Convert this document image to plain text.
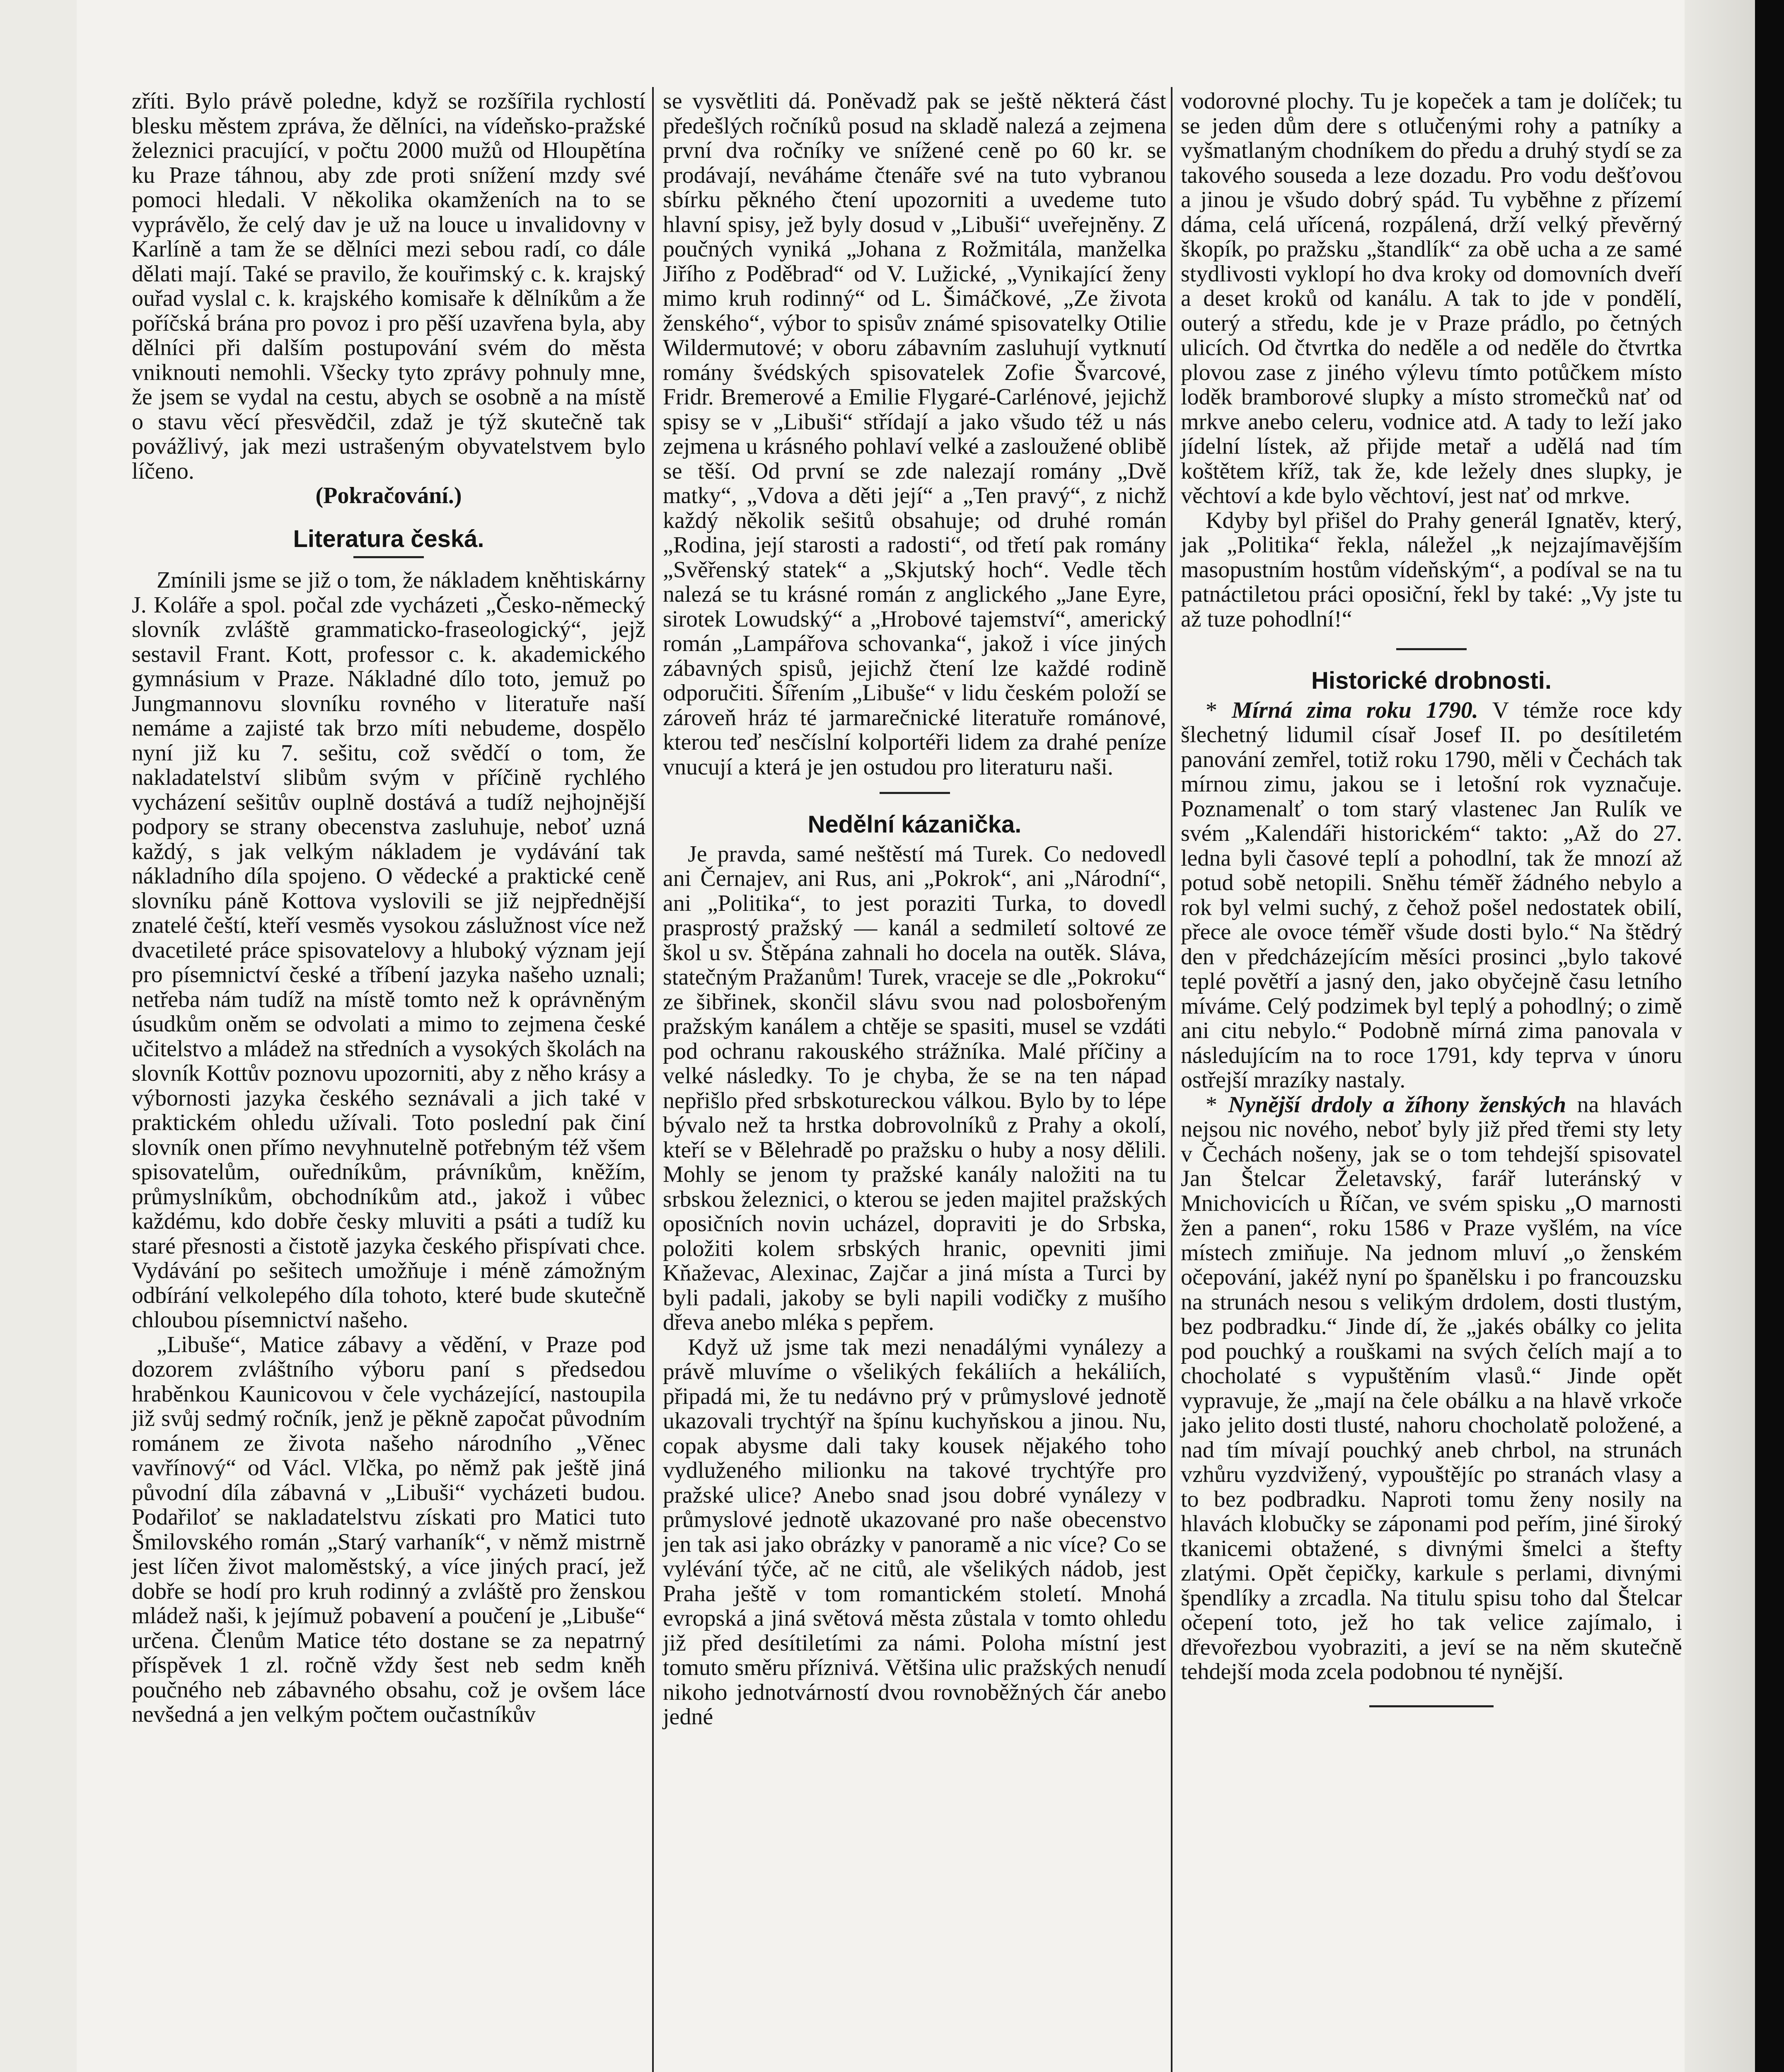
zříti. Bylo právě poledne, když se rozšířila rychlostí blesku městem zpráva, že dělníci, na vídeňsko-pražské železnici pracující, v počtu 2000 mužů od Hloupětína ku Praze táhnou, aby zde proti snížení mzdy své pomoci hledali. V několika okamženích na to se vyprávělo, že celý dav je už na louce u invalidovny v Karlíně a tam že se dělníci mezi sebou radí, co dále dělati mají. Také se pravilo, že kouřimský c. k. krajský ouřad vyslal c. k. krajského komisaře k dělníkům a že poříčská brána pro povoz i pro pěší uzavřena byla, aby dělníci při dalším postupování svém do města vniknouti nemohli. Všecky tyto zprávy pohnuly mne, že jsem se vydal na cestu, abych se osobně a na místě o stavu věcí přesvědčil, zdaž je týž skutečně tak povážlivý, jak mezi ustrašeným obyvatelstvem bylo líčeno.

(Pokračování.)

Literatura česká.

Zmínili jsme se již o tom, že nákladem kněhtiskárny J. Koláře a spol. počal zde vycházeti „Česko-německý slovník zvláště grammaticko-fraseologický“, jejž sestavil Frant. Kott, professor c. k. akademického gymnásium v Praze. Nákladné dílo toto, jemuž po Jungmannovu slovníku rovného v literatuře naší nemáme a zajisté tak brzo míti nebudeme, dospělo nyní již ku 7. sešitu, což svědčí o tom, že nakladatelství slibům svým v příčině rychlého vycházení sešitův ouplně dostává a tudíž nejhojnější podpory se strany obecenstva zasluhuje, neboť uzná každý, s jak velkým nákladem je vydávání tak nákladního díla spojeno. O vědecké a praktické ceně slovníku páně Kottova vyslovili se již nejpřednější znatelé čeští, kteří vesměs vysokou záslužnost více než dvacetileté práce spisovatelovy a hluboký význam její pro písemnictví české a tříbení jazyka našeho uznali; netřeba nám tudíž na místě tomto než k oprávněným úsudkům oněm se odvolati a mimo to zejmena české učitelstvo a mládež na středních a vysokých školách na slovník Kottův poznovu upozorniti, aby z něho krásy a výbornosti jazyka českého seznávali a jich také v praktickém ohledu užívali. Toto poslední pak činí slovník onen přímo nevyhnutelně potřebným též všem spisovatelům, ouředníkům, právníkům, kněžím, průmyslníkům, obchodníkům atd., jakož i vůbec každému, kdo dobře česky mluviti a psáti a tudíž ku staré přesnosti a čistotě jazyka českého přispívati chce. Vydávání po sešitech umožňuje i méně zámožným odbírání velkolepého díla tohoto, které bude skutečně chloubou písemnictví našeho.

„Libuše“, Matice zábavy a vědění, v Praze pod dozorem zvláštního výboru paní s předsedou hraběnkou Kaunicovou v čele vycházející, nastoupila již svůj sedmý ročník, jenž je pěkně započat původním románem ze života našeho národního „Věnec vavřínový“ od Václ. Vlčka, po němž pak ještě jiná původní díla zábavná v „Libuši“ vycházeti budou. Podařiloť se nakladatelstvu získati pro Matici tuto Šmilovského román „Starý varhaník“, v němž mistrně jest líčen život maloměstský, a více jiných prací, jež dobře se hodí pro kruh rodinný a zvláště pro ženskou mládež naši, k jejímuž pobavení a poučení je „Libuše“ určena. Členům Matice této dostane se za nepatrný příspěvek 1 zl. ročně vždy šest neb sedm kněh poučného neb zábavného obsahu, což je ovšem láce nevšedná a jen velkým počtem oučastníkův

se vysvětliti dá. Poněvadž pak se ještě některá část předešlých ročníků posud na skladě nalezá a zejmena první dva ročníky ve snížené ceně po 60 kr. se prodávají, neváháme čtenáře své na tuto vybranou sbírku pěkného čtení upozorniti a uvedeme tuto hlavní spisy, jež byly dosud v „Libuši“ uveřejněny. Z poučných vyniká „Johana z Rožmitála, manželka Jiřího z Poděbrad“ od V. Lužické, „Vynikající ženy mimo kruh rodinný“ od L. Šimáčkové, „Ze života ženského“, výbor to spisův známé spisovatelky Otilie Wildermutové; v oboru zábavním zasluhují vytknutí romány švédských spisovatelek Zofie Švarcové, Fridr. Bremerové a Emilie Flygaré-Carlénové, jejichž spisy se v „Libuši“ střídají a jako všudo též u nás zejmena u krásného pohlaví velké a zasloužené oblibě se těší. Od první se zde nalezají romány „Dvě matky“, „Vdova a děti její“ a „Ten pravý“, z nichž každý několik sešitů obsahuje; od druhé román „Rodina, její starosti a radosti“, od třetí pak romány „Svěřenský statek“ a „Skjutský hoch“. Vedle těch nalezá se tu krásné román z anglického „Jane Eyre, sirotek Lowudský“ a „Hrobové tajemství“, americký román „Lampářova schovanka“, jakož i více jiných zábavných spisů, jejichž čtení lze každé rodině odporučiti. Šířením „Libuše“ v lidu českém položí se zároveň hráz té jarmarečnické literatuře románové, kterou teď nesčíslní kolportéři lidem za drahé peníze vnucují a která je jen ostudou pro literaturu naši.

Nedělní kázanička.

Je pravda, samé neštěstí má Turek. Co nedovedl ani Černajev, ani Rus, ani „Pokrok“, ani „Národní“, ani „Politika“, to jest poraziti Turka, to dovedl prasprostý pražský — kanál a sedmiletí soltové ze škol u sv. Štěpána zahnali ho docela na outěk. Sláva, statečným Pražanům! Turek, vraceje se dle „Pokroku“ ze šibřinek, skončil slávu svou nad polosbořeným pražským kanálem a chtěje se spasiti, musel se vzdáti pod ochranu rakouského strážníka. Malé příčiny a velké následky. To je chyba, že se na ten nápad nepřišlo před srbskotureckou válkou. Bylo by to lépe bývalo než ta hrstka dobrovolníků z Prahy a okolí, kteří se v Bělehradě po pražsku o huby a nosy dělili. Mohly se jenom ty pražské kanály naložiti na tu srbskou železnici, o kterou se jeden majitel pražských oposičních novin ucházel, dopraviti je do Srbska, položiti kolem srbských hranic, opevniti jimi Kňaževac, Alexinac, Zajčar a jiná místa a Turci by byli padali, jakoby se byli napili vodičky z mušího dřeva anebo mléka s pepřem.

Když už jsme tak mezi nenadálými vynálezy a právě mluvíme o všelikých fekáliích a hekáliích, připadá mi, že tu nedávno prý v průmyslové jednotě ukazovali trychtýř na špínu kuchyňskou a jinou. Nu, copak abysme dali taky kousek nějakého toho vydluženého milionku na takové trychtýře pro pražské ulice? Anebo snad jsou dobré vynálezy v průmyslové jednotě ukazované pro naše obecenstvo jen tak asi jako obrázky v panoramě a nic více? Co se vylévání týče, ač ne citů, ale všelikých nádob, jest Praha ještě v tom romantickém století. Mnohá evropská a jiná světová města zůstala v tomto ohledu již před desítiletími za námi. Poloha místní jest tomuto směru příznivá. Většina ulic pražských nenudí nikoho jednotvárností dvou rovnoběžných čár anebo jedné

vodorovné plochy. Tu je kopeček a tam je dolíček; tu se jeden dům dere s otlučenými rohy a patníky a vyšmatlaným chodníkem do předu a druhý stydí se za takového souseda a leze dozadu. Pro vodu dešťovou a jinou je všudo dobrý spád. Tu vyběhne z přízemí dáma, celá uřícená, rozpálená, drží velký převěrný škopík, po pražsku „štandlík“ za obě ucha a ze samé stydlivosti vyklopí ho dva kroky od domovních dveří a deset kroků od kanálu. A tak to jde v pondělí, outerý a středu, kde je v Praze prádlo, po četných ulicích. Od čtvrtka do neděle a od neděle do čtvrtka plovou zase z jiného výlevu tímto potůčkem místo loděk bramborové slupky a místo stromečků nať od mrkve anebo celeru, vodnice atd. A tady to leží jako jídelní lístek, až přijde metař a udělá nad tím koštětem kříž, tak že, kde ležely dnes slupky, je věchtoví a kde bylo věchtoví, jest nať od mrkve.

Kdyby byl přišel do Prahy generál Ignatěv, který, jak „Politika“ řekla, náležel „k nejzajímavějším masopustním hostům vídeňským“, a podíval se na tu patnáctiletou práci oposiční, řekl by také: „Vy jste tu až tuze pohodlní!“

Historické drobnosti.

* Mírná zima roku 1790. V témže roce kdy šlechetný lidumil císař Josef II. po desítiletém panování zemřel, totiž roku 1790, měli v Čechách tak mírnou zimu, jakou se i letošní rok vyznačuje. Poznamenalť o tom starý vlastenec Jan Rulík ve svém „Kalendáři historickém“ takto: „Až do 27. ledna byli časové teplí a pohodlní, tak že mnozí až potud sobě netopili. Sněhu téměř žádného nebylo a rok byl velmi suchý, z čehož pošel nedostatek obilí, přece ale ovoce téměř všude dosti bylo.“ Na štědrý den v předcházejícím měsíci prosinci „bylo takové teplé povětří a jasný den, jako obyčejně času letního míváme. Celý podzimek byl teplý a pohodlný; o zimě ani citu nebylo.“ Podobně mírná zima panovala v následujícím na to roce 1791, kdy teprva v únoru ostřejší mrazíky nastaly.

* Nynější drdoly a žíhony ženských na hlavách nejsou nic nového, neboť byly již před třemi sty lety v Čechách nošeny, jak se o tom tehdejší spisovatel Jan Štelcar Želetavský, farář luteránský v Mnichovicích u Říčan, ve svém spisku „O marnosti žen a panen“, roku 1586 v Praze vyšlém, na více místech zmiňuje. Na jednom mluví „o ženském očepování, jakéž nyní po španělsku i po francouzsku na strunách nesou s velikým drdolem, dosti tlustým, bez podbradku.“ Jinde dí, že „jakés obálky co jelita pod pouchký a rouškami na svých čelích mají a to chocholaté s vypuštěním vlasů.“ Jinde opět vypravuje, že „mají na čele obálku a na hlavě vrkoče jako jelito dosti tlusté, nahoru chocholatě položené, a nad tím mívají pouchký aneb chrbol, na strunách vzhůru vyzdvižený, vypouštějíc po stranách vlasy a to bez podbradku. Naproti tomu ženy nosily na hlavách klobučky se záponami pod peřím, jiné široký tkanicemi obtažené, s divnými šmelci a štefty zlatými. Opět čepičky, karkule s perlami, divnými špendlíky a zrcadla. Na titulu spisu toho dal Štelcar očepení toto, jež ho tak velice zajímalo, i dřevořezbou vyobraziti, a jeví se na něm skutečně tehdejší moda zcela podobnou té nynější.
